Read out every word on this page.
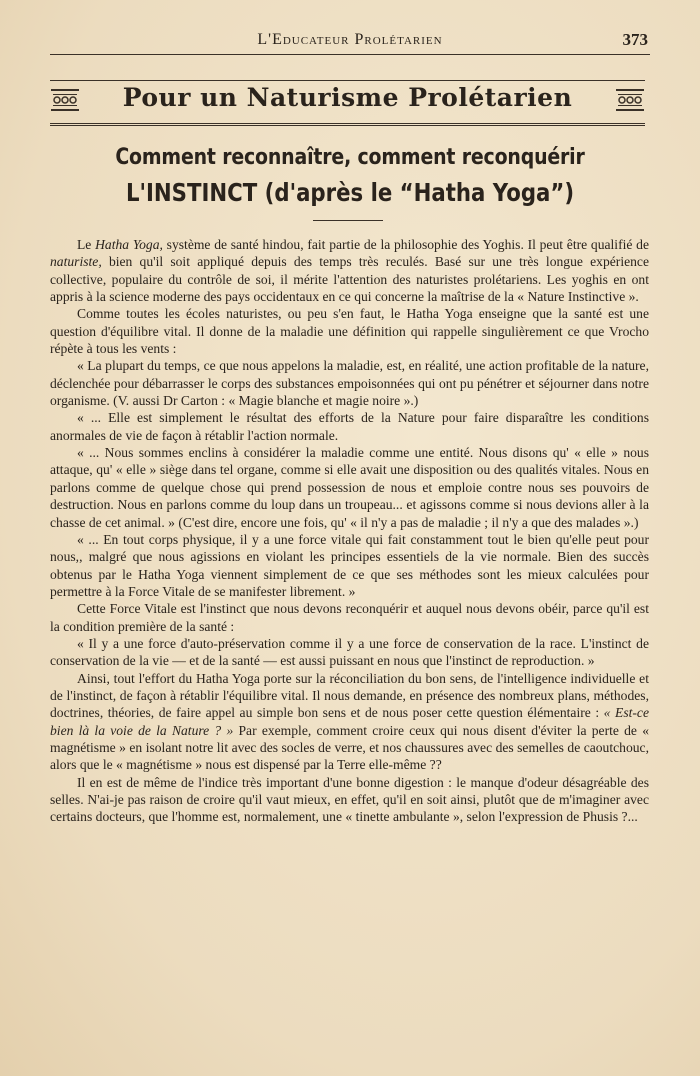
L'Educateur Prolétarien	373
Pour un Naturisme Prolétarien
Comment reconnaître, comment reconquérir
L'INSTINCT (d'après le “Hatha Yoga”)

Le Hatha Yoga, système de santé hindou, fait partie de la philosophie des Yoghis. Il peut être qualifié de naturiste, bien qu'il soit appliqué depuis des temps très reculés. Basé sur une très longue expérience collective, populaire du contrôle de soi, il mérite l'attention des naturistes prolétariens. Les yoghis en ont appris à la science moderne des pays occidentaux en ce qui concerne la maîtrise de la « Nature Instinctive ».

Comme toutes les écoles naturistes, ou peu s'en faut, le Hatha Yoga enseigne que la santé est une question d'équilibre vital. Il donne de la maladie une définition qui rappelle singulièrement ce que Vrocho répète à tous les vents :

« La plupart du temps, ce que nous appelons la maladie, est, en réalité, une action profitable de la nature, déclenchée pour débarrasser le corps des substances empoisonnées qui ont pu pénétrer et séjourner dans notre organisme. (V. aussi Dr Carton : « Magie blanche et magie noire ».)

« ... Elle est simplement le résultat des efforts de la Nature pour faire disparaître les conditions anormales de vie de façon à rétablir l'action normale.

« ... Nous sommes enclins à considérer la maladie comme une entité. Nous disons qu' « elle » nous attaque, qu' « elle » siège dans tel organe, comme si elle avait une disposition ou des qualités vitales. Nous en parlons comme de quelque chose qui prend possession de nous et emploie contre nous ses pouvoirs de destruction. Nous en parlons comme du loup dans un troupeau... et agissons comme si nous devions aller à la chasse de cet animal. » (C'est dire, encore une fois, qu' « il n'y a pas de maladie ; il n'y a que des malades ».)

« ... En tout corps physique, il y a une force vitale qui fait constamment tout le bien qu'elle peut pour nous,, malgré que nous agissions en violant les principes essentiels de la vie normale. Bien des succès obtenus par le Hatha Yoga viennent simplement de ce que ses méthodes sont les mieux calculées pour permettre à la Force Vitale de se manifester librement. »

Cette Force Vitale est l'instinct que nous devons reconquérir et auquel nous devons obéir, parce qu'il est la condition première de la santé :

« Il y a une force d'auto-préservation comme il y a une force de conservation de la race. L'instinct de conservation de la vie — et de la santé — est aussi puissant en nous que l'instinct de reproduction. »

Ainsi, tout l'effort du Hatha Yoga porte sur la réconciliation du bon sens, de l'intelligence individuelle et de l'instinct, de façon à rétablir l'équilibre vital. Il nous demande, en présence des nombreux plans, méthodes, doctrines, théories, de faire appel au simple bon sens et de nous poser cette question élémentaire : « Est-ce bien là la voie de la Nature ? » Par exemple, comment croire ceux qui nous disent d'éviter la perte de « magnétisme » en isolant notre lit avec des socles de verre, et nos chaussures avec des semelles de caoutchouc, alors que le « magnétisme » nous est dispensé par la Terre elle-même ??

Il en est de même de l'indice très important d'une bonne digestion : le manque d'odeur désagréable des selles. N'ai-je pas raison de croire qu'il vaut mieux, en effet, qu'il en soit ainsi, plutôt que de m'imaginer avec certains docteurs, que l'homme est, normalement, une « tinette ambulante », selon l'expression de Phusis ?...
